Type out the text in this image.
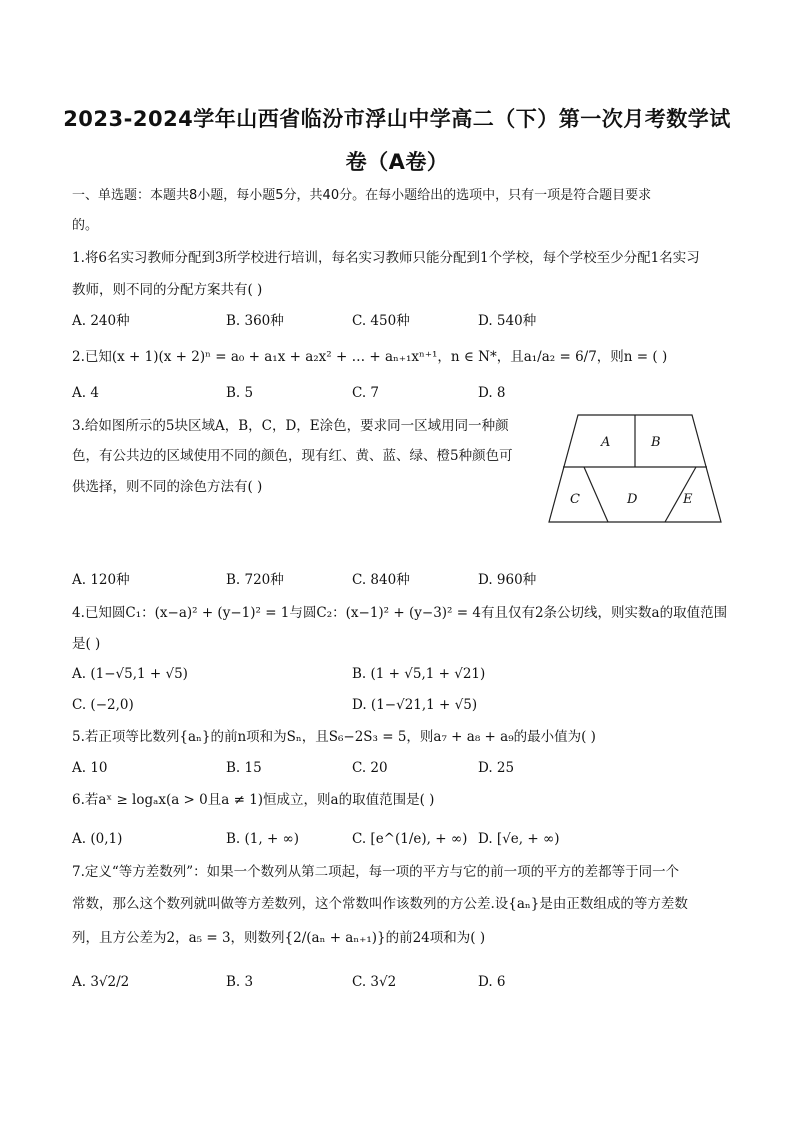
2023-2024学年山西省临汾市浮山中学高二（下）第一次月考数学试
卷（A卷）
一、单选题：本题共8小题，每小题5分，共40分。在每小题给出的选项中，只有一项是符合题目要求
的。
1.将6名实习教师分配到3所学校进行培训，每名实习教师只能分配到1个学校，每个学校至少分配1名实习
教师，则不同的分配方案共有( )
A. 240种	B. 360种	C. 450种	D. 540种
2.已知(x + 1)(x + 2)ⁿ = a₀ + a₁x + a₂x² + … + aₙ₊₁xⁿ⁺¹，n ∈ N*，且a₁/a₂ = 6/7，则n = ( )
A. 4	B. 5	C. 7	D. 8
3.给如图所示的5块区域A，B，C，D，E涂色，要求同一区域用同一种颜
色，有公共边的区域使用不同的颜色，现有红、黄、蓝、绿、橙5种颜色可
供选择，则不同的涂色方法有( )
A	B
C	D	E
A. 120种	B. 720种	C. 840种	D. 960种
4.已知圆C₁：(x−a)² + (y−1)² = 1与圆C₂：(x−1)² + (y−3)² = 4有且仅有2条公切线，则实数a的取值范围
是( )
A. (1−√5,1 + √5)	B. (1 + √5,1 + √21)
C. (−2,0)	D. (1−√21,1 + √5)
5.若正项等比数列{aₙ}的前n项和为Sₙ，且S₆−2S₃ = 5，则a₇ + a₈ + a₉的最小值为( )
A. 10	B. 15	C. 20	D. 25
6.若aˣ ≥ logₐx(a > 0且a ≠ 1)恒成立，则a的取值范围是( )
A. (0,1)	B. (1, + ∞)	C. [e^(1/e), + ∞) D. [√e, + ∞)
7.定义“等方差数列”：如果一个数列从第二项起，每一项的平方与它的前一项的平方的差都等于同一个
常数，那么这个数列就叫做等方差数列，这个常数叫作该数列的方公差.设{aₙ}是由正数组成的等方差数
列，且方公差为2，a₅ = 3，则数列{2/(aₙ + aₙ₊₁)}的前24项和为( )
A. 3√2/2	B. 3	C. 3√2	D. 6
